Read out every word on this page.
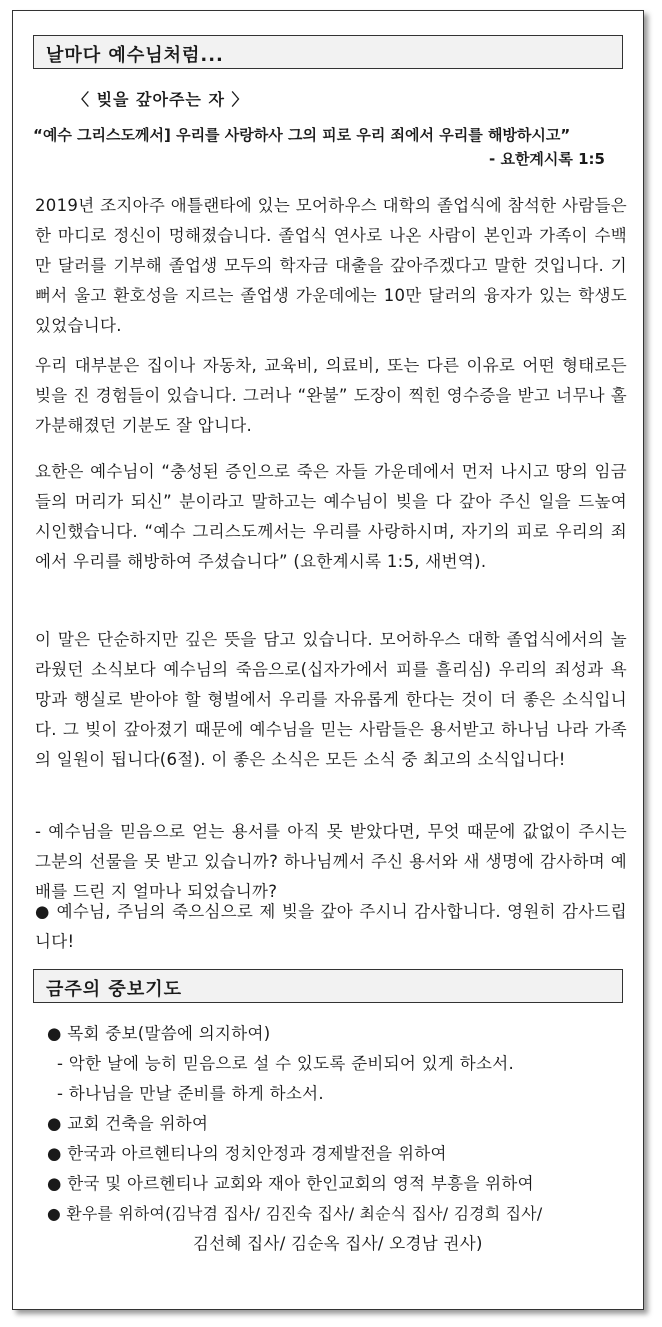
날마다 예수님처럼...
〈 빚을 갚아주는 자 〉
“예수 그리스도께서] 우리를 사랑하사 그의 피로 우리 죄에서 우리를 해방하시고”
- 요한계시록 1:5

2019년 조지아주 애틀랜타에 있는 모어하우스 대학의 졸업식에 참석한 사람들은 한 마디로 정신이 멍해졌습니다. 졸업식 연사로 나온 사람이 본인과 가족이 수백만 달러를 기부해 졸업생 모두의 학자금 대출을 갚아주겠다고 말한 것입니다. 기뻐서 울고 환호성을 지르는 졸업생 가운데에는 10만 달러의 융자가 있는 학생도 있었습니다.

우리 대부분은 집이나 자동차, 교육비, 의료비, 또는 다른 이유로 어떤 형태로든 빚을 진 경험들이 있습니다. 그러나 “완불” 도장이 찍힌 영수증을 받고 너무나 홀가분해졌던 기분도 잘 압니다.

요한은 예수님이 “충성된 증인으로 죽은 자들 가운데에서 먼저 나시고 땅의 임금들의 머리가 되신” 분이라고 말하고는 예수님이 빚을 다 갚아 주신 일을 드높여 시인했습니다. “예수 그리스도께서는 우리를 사랑하시며, 자기의 피로 우리의 죄에서 우리를 해방하여 주셨습니다” (요한계시록 1:5, 새번역).

이 말은 단순하지만 깊은 뜻을 담고 있습니다. 모어하우스 대학 졸업식에서의 놀라웠던 소식보다 예수님의 죽음으로(십자가에서 피를 흘리심) 우리의 죄성과 욕망과 행실로 받아야 할 형벌에서 우리를 자유롭게 한다는 것이 더 좋은 소식입니다. 그 빚이 갚아졌기 때문에 예수님을 믿는 사람들은 용서받고 하나님 나라 가족의 일원이 됩니다(6절). 이 좋은 소식은 모든 소식 중 최고의 소식입니다!

- 예수님을 믿음으로 얻는 용서를 아직 못 받았다면, 무엇 때문에 값없이 주시는 그분의 선물을 못 받고 있습니까? 하나님께서 주신 용서와 새 생명에 감사하며 예배를 드린 지 얼마나 되었습니까?

● 예수님, 주님의 죽으심으로 제 빚을 갚아 주시니 감사합니다. 영원히 감사드립니다!

금주의 중보기도
● 목회 중보(말씀에 의지하여)
- 악한 날에 능히 믿음으로 설 수 있도록 준비되어 있게 하소서.
- 하나님을 만날 준비를 하게 하소서.
● 교회 건축을 위하여
● 한국과 아르헨티나의 정치안정과 경제발전을 위하여
● 한국 및 아르헨티나 교회와 재아 한인교회의 영적 부흥을 위하여
● 환우를 위하여(김낙겸 집사/ 김진숙 집사/ 최순식 집사/ 김경희 집사/
김선혜 집사/ 김순옥 집사/ 오경남 권사)
